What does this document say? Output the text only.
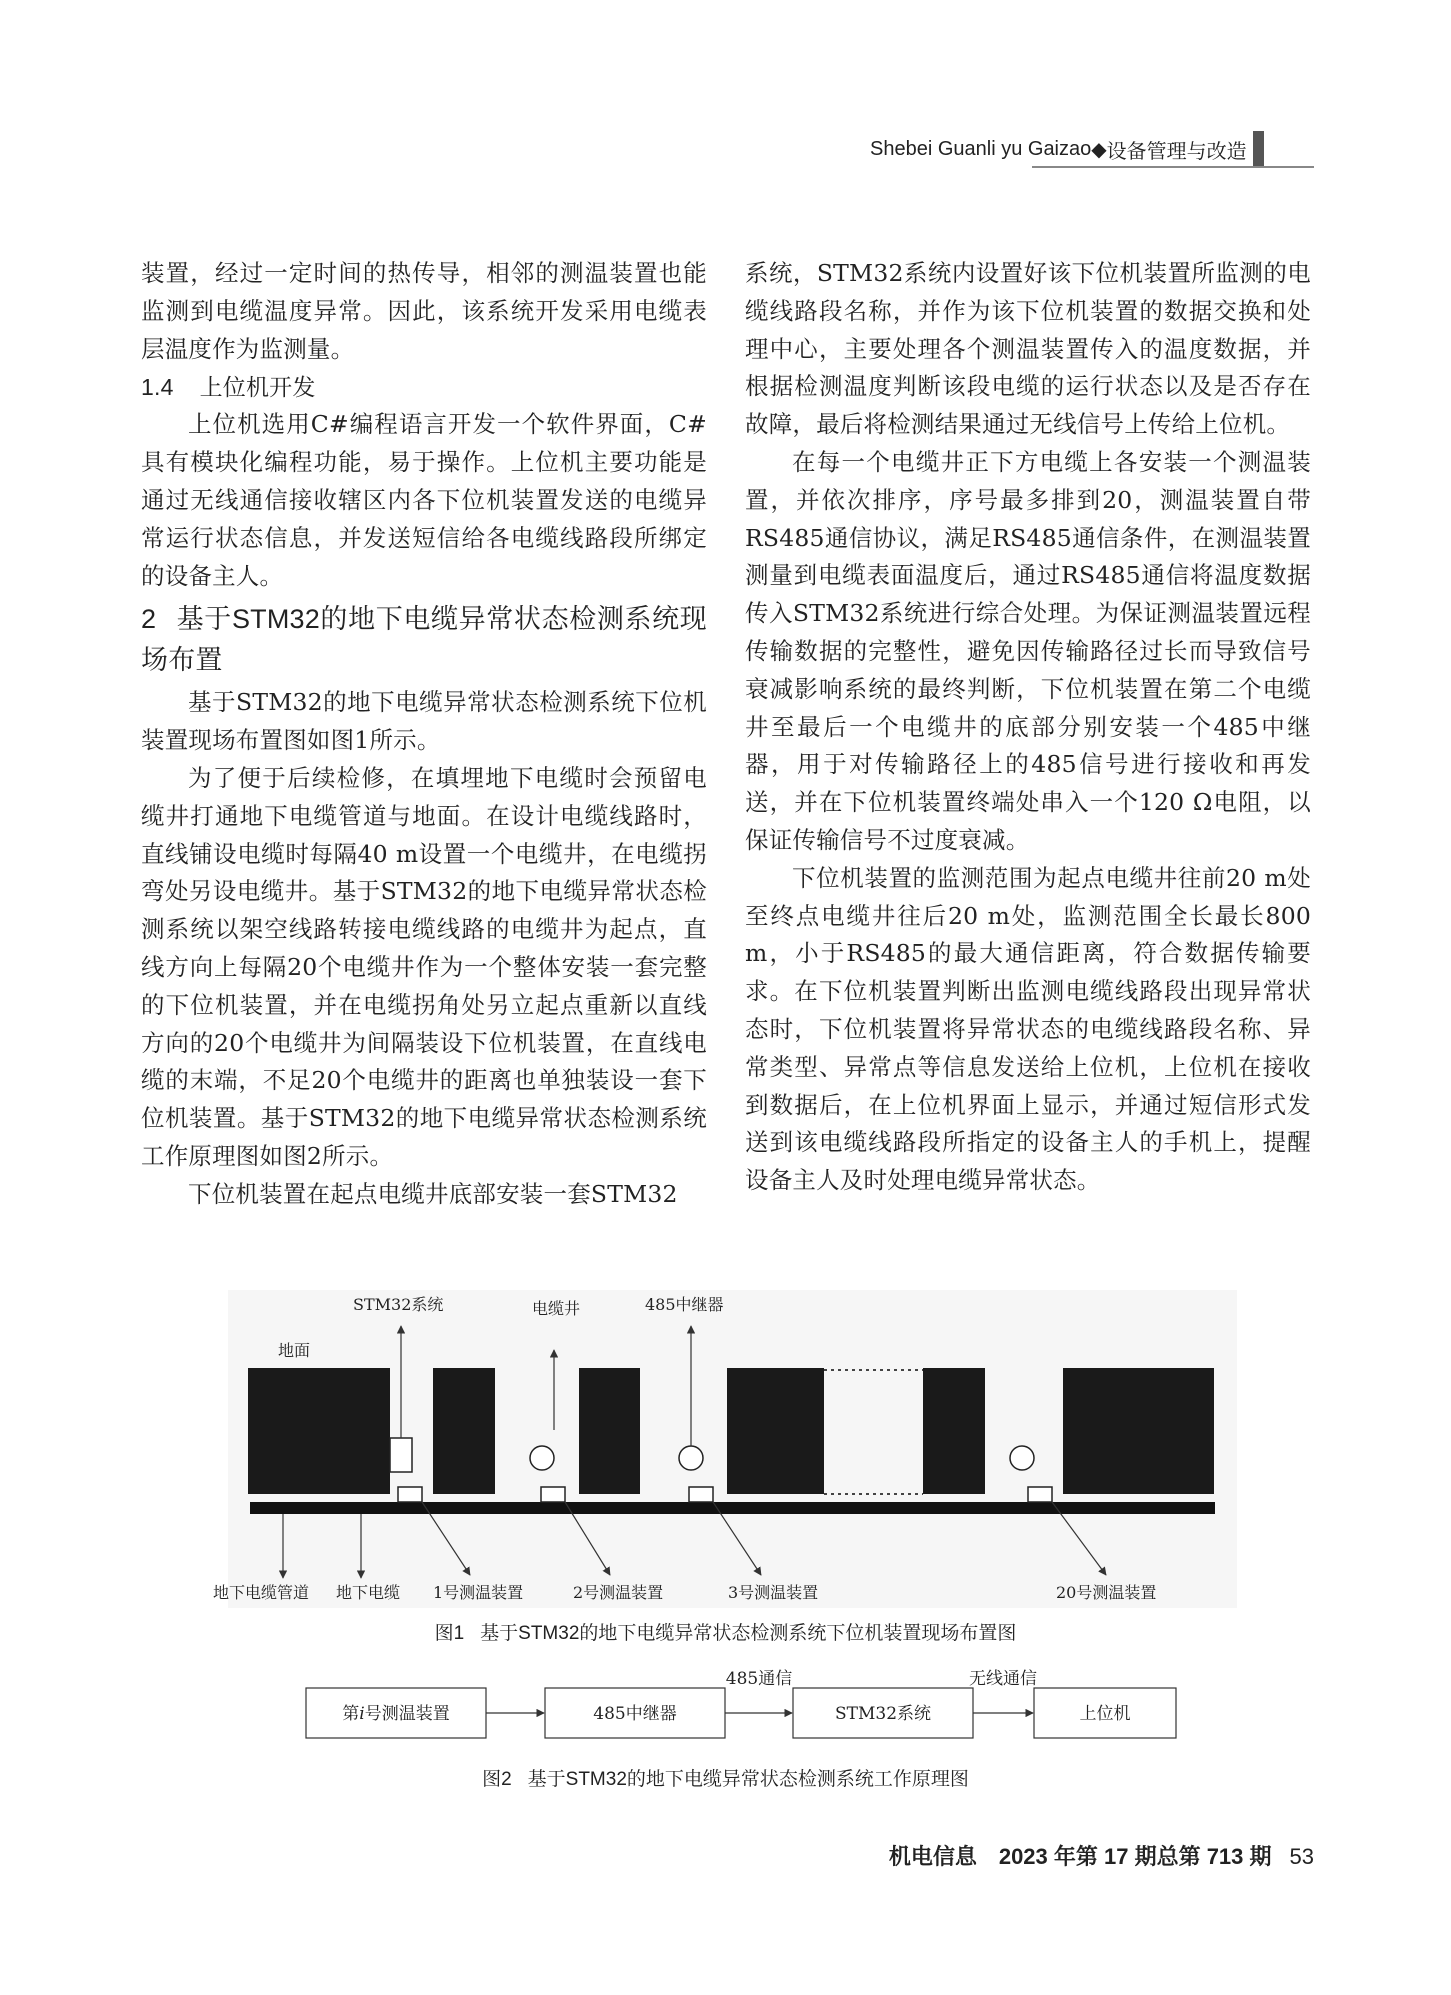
Shebei Guanli yu Gaizao ◆ 设备管理与改造

装置，经过一定时间的热传导，相邻的测温装置也能监测到电缆温度异常。因此，该系统开发采用电缆表层温度作为监测量。

1.4 上位机开发

上位机选用C#编程语言开发一个软件界面，C#具有模块化编程功能，易于操作。上位机主要功能是通过无线通信接收辖区内各下位机装置发送的电缆异常运行状态信息，并发送短信给各电缆线路段所绑定的设备主人。

2 基于STM32的地下电缆异常状态检测系统现场布置

基于STM32的地下电缆异常状态检测系统下位机装置现场布置图如图1所示。

为了便于后续检修，在填埋地下电缆时会预留电缆井打通地下电缆管道与地面。在设计电缆线路时，直线铺设电缆时每隔40 m设置一个电缆井，在电缆拐弯处另设电缆井。基于STM32的地下电缆异常状态检测系统以架空线路转接电缆线路的电缆井为起点，直线方向上每隔20个电缆井作为一个整体安装一套完整的下位机装置，并在电缆拐角处另立起点重新以直线方向的20个电缆井为间隔装设下位机装置，在直线电缆的末端，不足20个电缆井的距离也单独装设一套下位机装置。基于STM32的地下电缆异常状态检测系统工作原理图如图2所示。

下位机装置在起点电缆井底部安装一套STM32

系统，STM32系统内设置好该下位机装置所监测的电缆线路段名称，并作为该下位机装置的数据交换和处理中心，主要处理各个测温装置传入的温度数据，并根据检测温度判断该段电缆的运行状态以及是否存在故障，最后将检测结果通过无线信号上传给上位机。

在每一个电缆井正下方电缆上各安装一个测温装置，并依次排序，序号最多排到20，测温装置自带RS485通信协议，满足RS485通信条件，在测温装置测量到电缆表面温度后，通过RS485通信将温度数据传入STM32系统进行综合处理。为保证测温装置远程传输数据的完整性，避免因传输路径过长而导致信号衰减影响系统的最终判断，下位机装置在第二个电缆井至最后一个电缆井的底部分别安装一个485中继器，用于对传输路径上的485信号进行接收和再发送，并在下位机装置终端处串入一个120 Ω电阻，以保证传输信号不过度衰减。

下位机装置的监测范围为起点电缆井往前20 m处至终点电缆井往后20 m处，监测范围全长最长800 m，小于RS485的最大通信距离，符合数据传输要求。在下位机装置判断出监测电缆线路段出现异常状态时，下位机装置将异常状态的电缆线路段名称、异常类型、异常点等信息发送给上位机，上位机在接收到数据后，在上位机界面上显示，并通过短信形式发送到该电缆线路段所指定的设备主人的手机上，提醒设备主人及时处理电缆异常状态。

STM32系统	电缆井	485中继器
地面
地下电缆管道 地下电缆 1号测温装置	2号测温装置	3号测温装置	20号测温装置
图1 基于STM32的地下电缆异常状态检测系统下位机装置现场布置图
第i号测温装置	485中继器	STM32系统	上位机
485通信	无线通信
图2 基于STM32的地下电缆异常状态检测系统工作原理图
机电信息　2023 年第 17 期总第 713 期 53
